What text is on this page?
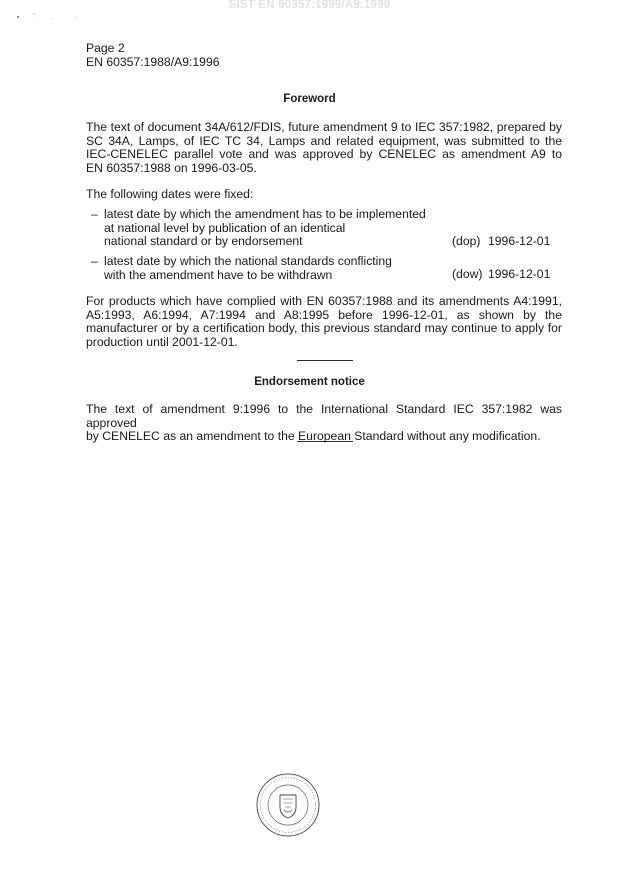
SIST EN 60357:1999/A9:1999
Page 2
EN 60357:1988/A9:1996
Foreword
The text of document 34A/612/FDIS, future amendment 9 to IEC 357:1982, prepared by
SC 34A, Lamps, of IEC TC 34, Lamps and related equipment, was submitted to the
IEC-CENELEC parallel vote and was approved by CENELEC as amendment A9 to
EN 60357:1988 on 1996-03-05.
The following dates were fixed:
– latest date by which the amendment has to be implemented
at national level by publication of an identical
national standard or by endorsement	(dop) 1996-12-01
– latest date by which the national standards conflicting
with the amendment have to be withdrawn	(dow) 1996-12-01
For products which have complied with EN 60357:1988 and its amendments A4:1991,
A5:1993, A6:1994, A7:1994 and A8:1995 before 1996-12-01, as shown by the
manufacturer or by a certification body, this previous standard may continue to apply for
production until 2001-12-01.
Endorsement notice
The text of amendment 9:1996 to the International Standard IEC 357:1982 was approved
by CENELEC as an amendment to the European Standard without any modification.
